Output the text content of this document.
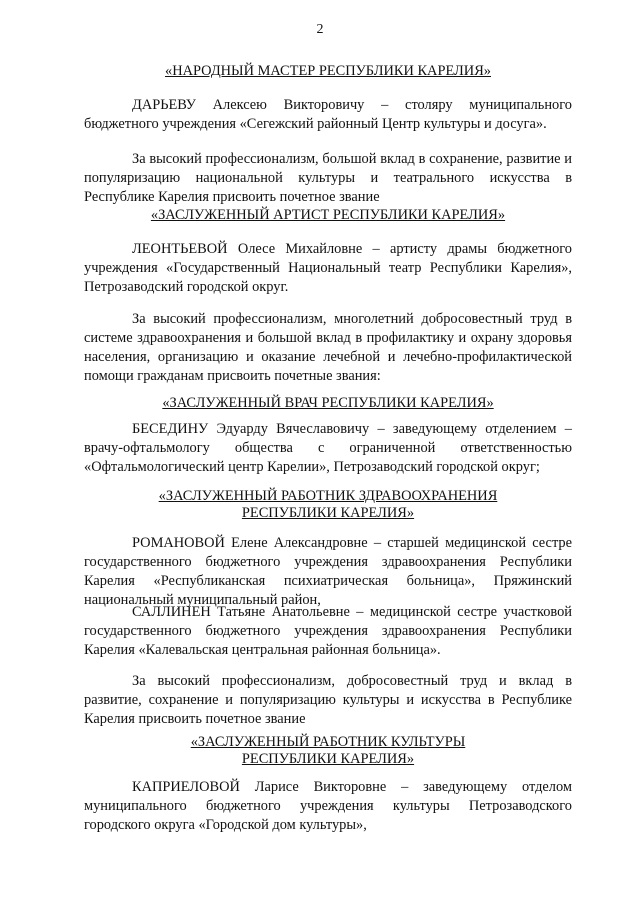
2
«НАРОДНЫЙ МАСТЕР РЕСПУБЛИКИ КАРЕЛИЯ»
ДАРЬЕВУ Алексею Викторовичу – столяру муниципального бюджетного учреждения «Сегежский районный Центр культуры и досуга».
За высокий профессионализм, большой вклад в сохранение, развитие и популяризацию национальной культуры и театрального искусства в Республике Карелия присвоить почетное звание
«ЗАСЛУЖЕННЫЙ АРТИСТ РЕСПУБЛИКИ КАРЕЛИЯ»
ЛЕОНТЬЕВОЙ Олесе Михайловне – артисту драмы бюджетного учреждения «Государственный Национальный театр Республики Карелия», Петрозаводский городской округ.
За высокий профессионализм, многолетний добросовестный труд в системе здравоохранения и большой вклад в профилактику и охрану здоровья населения, организацию и оказание лечебной и лечебно-профилактической помощи гражданам присвоить почетные звания:
«ЗАСЛУЖЕННЫЙ ВРАЧ РЕСПУБЛИКИ КАРЕЛИЯ»
БЕСЕДИНУ Эдуарду Вячеславовичу – заведующему отделением – врачу-офтальмологу общества с ограниченной ответственностью «Офтальмологический центр Карелии», Петрозаводский городской округ;
«ЗАСЛУЖЕННЫЙ РАБОТНИК ЗДРАВООХРАНЕНИЯ
РЕСПУБЛИКИ КАРЕЛИЯ»
РОМАНОВОЙ Елене Александровне – старшей медицинской сестре государственного бюджетного учреждения здравоохранения Республики Карелия «Республиканская психиатрическая больница», Пряжинский национальный муниципальный район,
САЛЛИНЕН Татьяне Анатольевне – медицинской сестре участковой государственного бюджетного учреждения здравоохранения Республики Карелия «Калевальская центральная районная больница».
За высокий профессионализм, добросовестный труд и вклад в развитие, сохранение и популяризацию культуры и искусства в Республике Карелия присвоить почетное звание
«ЗАСЛУЖЕННЫЙ РАБОТНИК КУЛЬТУРЫ
РЕСПУБЛИКИ КАРЕЛИЯ»
КАПРИЕЛОВОЙ Ларисе Викторовне – заведующему отделом муниципального бюджетного учреждения культуры Петрозаводского городского округа «Городской дом культуры»,
